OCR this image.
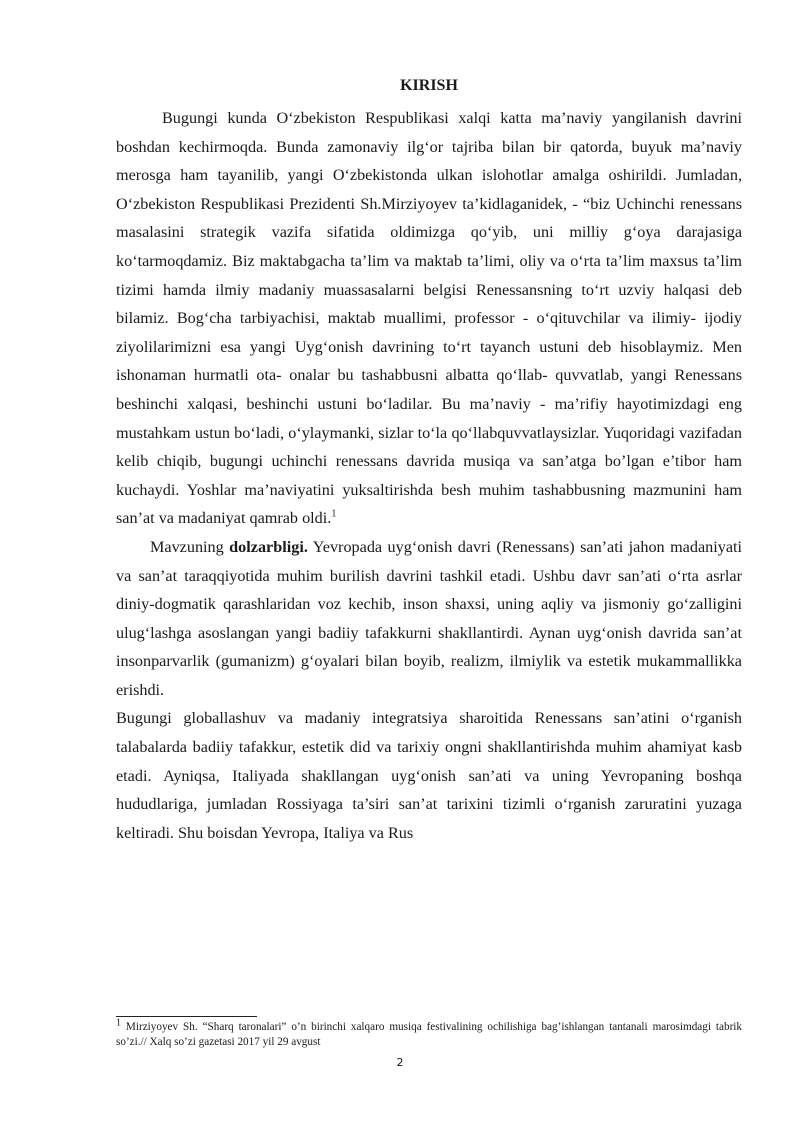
KIRISH

Bugungi kunda O‘zbekiston Respublikasi xalqi katta ma’naviy yangilanish davrini boshdan kechirmoqda. Bunda zamonaviy ilg‘or tajriba bilan bir qatorda, buyuk ma’naviy merosga ham tayanilib, yangi O‘zbekistonda ulkan islohotlar amalga oshirildi. Jumladan, O‘zbekiston Respublikasi Prezidenti Sh.Mirziyoyev ta’kidlaganidek, - “biz Uchinchi renessans masalasini strategik vazifa sifatida oldimizga qo‘yib, uni milliy g‘oya darajasiga ko‘tarmoqdamiz. Biz maktabgacha ta’lim va maktab ta’limi, oliy va o‘rta ta’lim maxsus ta’lim tizimi hamda ilmiy madaniy muassasalarni belgisi Renessansning to‘rt uzviy halqasi deb bilamiz. Bog‘cha tarbiyachisi, maktab muallimi, professor - o‘qituvchilar va ilimiy- ijodiy ziyolilarimizni esa yangi Uyg‘onish davrining to‘rt tayanch ustuni deb hisoblaymiz. Men ishonaman hurmatli ota- onalar bu tashabbusni albatta qo‘llab- quvvatlab, yangi Renessans beshinchi xalqasi, beshinchi ustuni bo‘ladilar. Bu ma’naviy - ma’rifiy hayotimizdagi eng mustahkam ustun bo‘ladi, o‘ylaymanki, sizlar to‘la qo‘llabquvvatlaysizlar. Yuqoridagi vazifadan kelib chiqib, bugungi uchinchi renessans davrida musiqa va san’atga bo’lgan e’tibor ham kuchaydi. Yoshlar ma’naviyatini yuksaltirishda besh muhim tashabbusning mazmunini ham san’at va madaniyat qamrab oldi.$^1$

Mavzuning dolzarbligi. Yevropada uyg‘onish davri (Renessans) san’ati jahon madaniyati va san’at taraqqiyotida muhim burilish davrini tashkil etadi. Ushbu davr san’ati o‘rta asrlar diniy-dogmatik qarashlaridan voz kechib, inson shaxsi, uning aqliy va jismoniy go‘zalligini ulug‘lashga asoslangan yangi badiiy tafakkurni shakllantirdi. Aynan uyg‘onish davrida san’at insonparvarlik (gumanizm) g‘oyalari bilan boyib, realizm, ilmiylik va estetik mukammallikka erishdi.

Bugungi globallashuv va madaniy integratsiya sharoitida Renessans san’atini o‘rganish talabalarda badiiy tafakkur, estetik did va tarixiy ongni shakllantirishda muhim ahamiyat kasb etadi. Ayniqsa, Italiyada shakllangan uyg‘onish san’ati va uning Yevropaning boshqa hududlariga, jumladan Rossiyaga ta’siri san’at tarixini tizimli o‘rganish zaruratini yuzaga keltiradi. Shu boisdan Yevropa, Italiya va Rus

$^1$ Mirziyoyev Sh. “Sharq taronalari” o’n birinchi xalqaro musiqa festivalining ochilishiga bag’ishlangan tantanali marosimdagi tabrik so’zi.// Xalq so’zi gazetasi 2017 yil 29 avgust

2
